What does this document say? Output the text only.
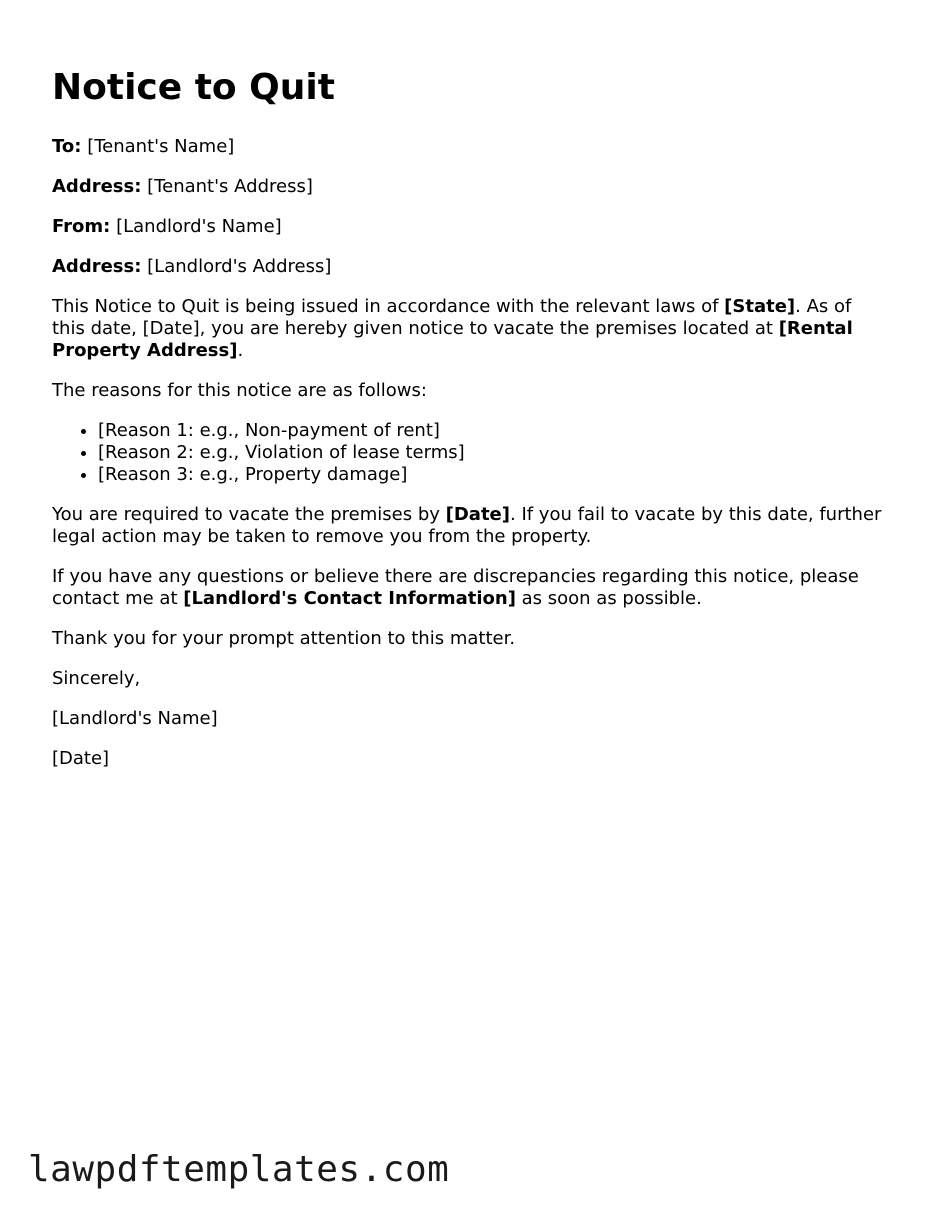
Notice to Quit

To: [Tenant's Name]

Address: [Tenant's Address]

From: [Landlord's Name]

Address: [Landlord's Address]

This Notice to Quit is being issued in accordance with the relevant laws of [State]. As of this date, [Date], you are hereby given notice to vacate the premises located at [Rental Property Address].

The reasons for this notice are as follows:

• [Reason 1: e.g., Non-payment of rent]
• [Reason 2: e.g., Violation of lease terms]
• [Reason 3: e.g., Property damage]

You are required to vacate the premises by [Date]. If you fail to vacate by this date, further legal action may be taken to remove you from the property.

If you have any questions or believe there are discrepancies regarding this notice, please contact me at [Landlord's Contact Information] as soon as possible.

Thank you for your prompt attention to this matter.

Sincerely,

[Landlord's Name]

[Date]

lawpdftemplates.com
